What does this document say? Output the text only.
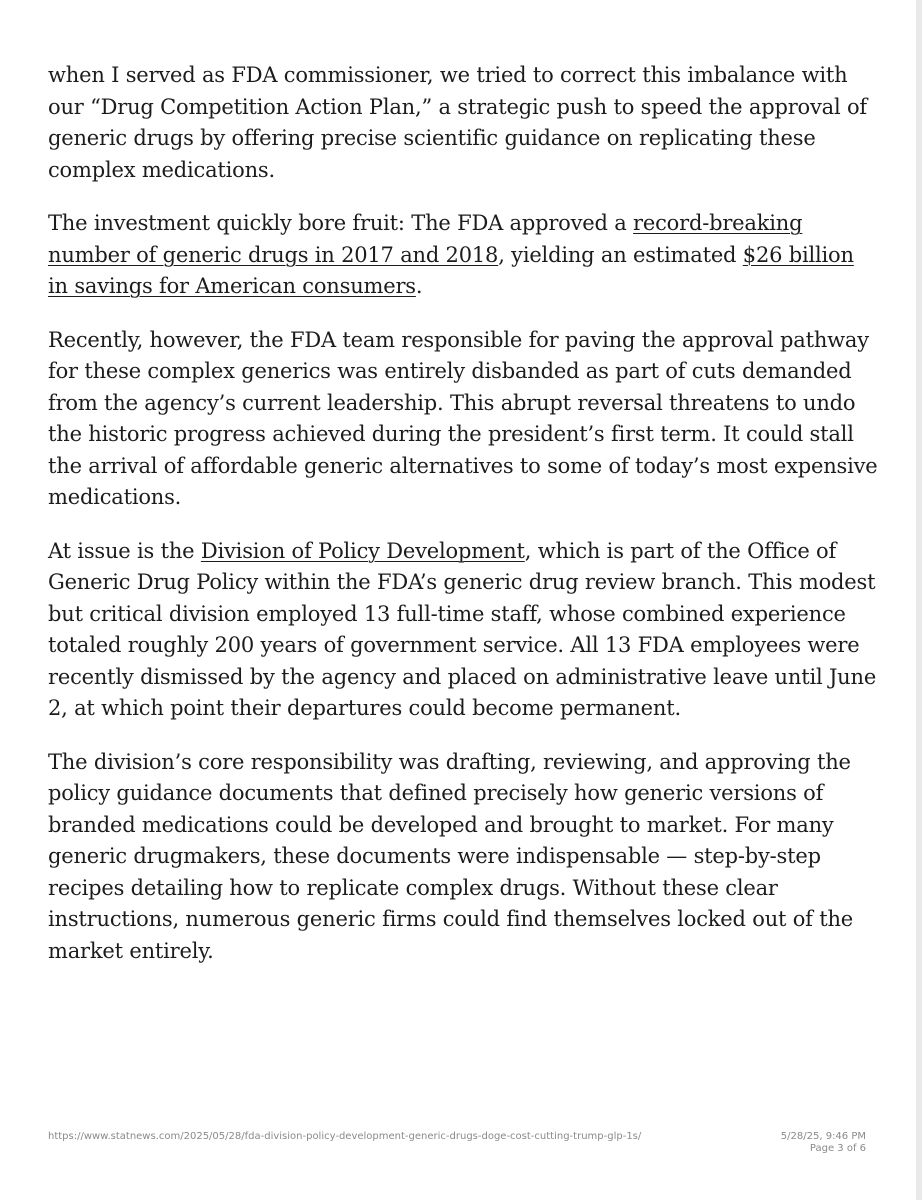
when I served as FDA commissioner, we tried to correct this imbalance with our “Drug Competition Action Plan,” a strategic push to speed the approval of generic drugs by offering precise scientific guidance on replicating these complex medications.

The investment quickly bore fruit: The FDA approved a record-breaking number of generic drugs in 2017 and 2018, yielding an estimated $26 billion in savings for American consumers.

Recently, however, the FDA team responsible for paving the approval pathway for these complex generics was entirely disbanded as part of cuts demanded from the agency’s current leadership. This abrupt reversal threatens to undo the historic progress achieved during the president’s first term. It could stall the arrival of affordable generic alternatives to some of today’s most expensive medications.

At issue is the Division of Policy Development, which is part of the Office of Generic Drug Policy within the FDA’s generic drug review branch. This modest but critical division employed 13 full-time staff, whose combined experience totaled roughly 200 years of government service. All 13 FDA employees were recently dismissed by the agency and placed on administrative leave until June 2, at which point their departures could become permanent.

The division’s core responsibility was drafting, reviewing, and approving the policy guidance documents that defined precisely how generic versions of branded medications could be developed and brought to market. For many generic drugmakers, these documents were indispensable — step-by-step recipes detailing how to replicate complex drugs. Without these clear instructions, numerous generic firms could find themselves locked out of the market entirely.

https://www.statnews.com/2025/05/28/fda-division-policy-development-generic-drugs-doge-cost-cutting-trump-glp-1s/	5/28/25, 9:46 PM
Page 3 of 6
